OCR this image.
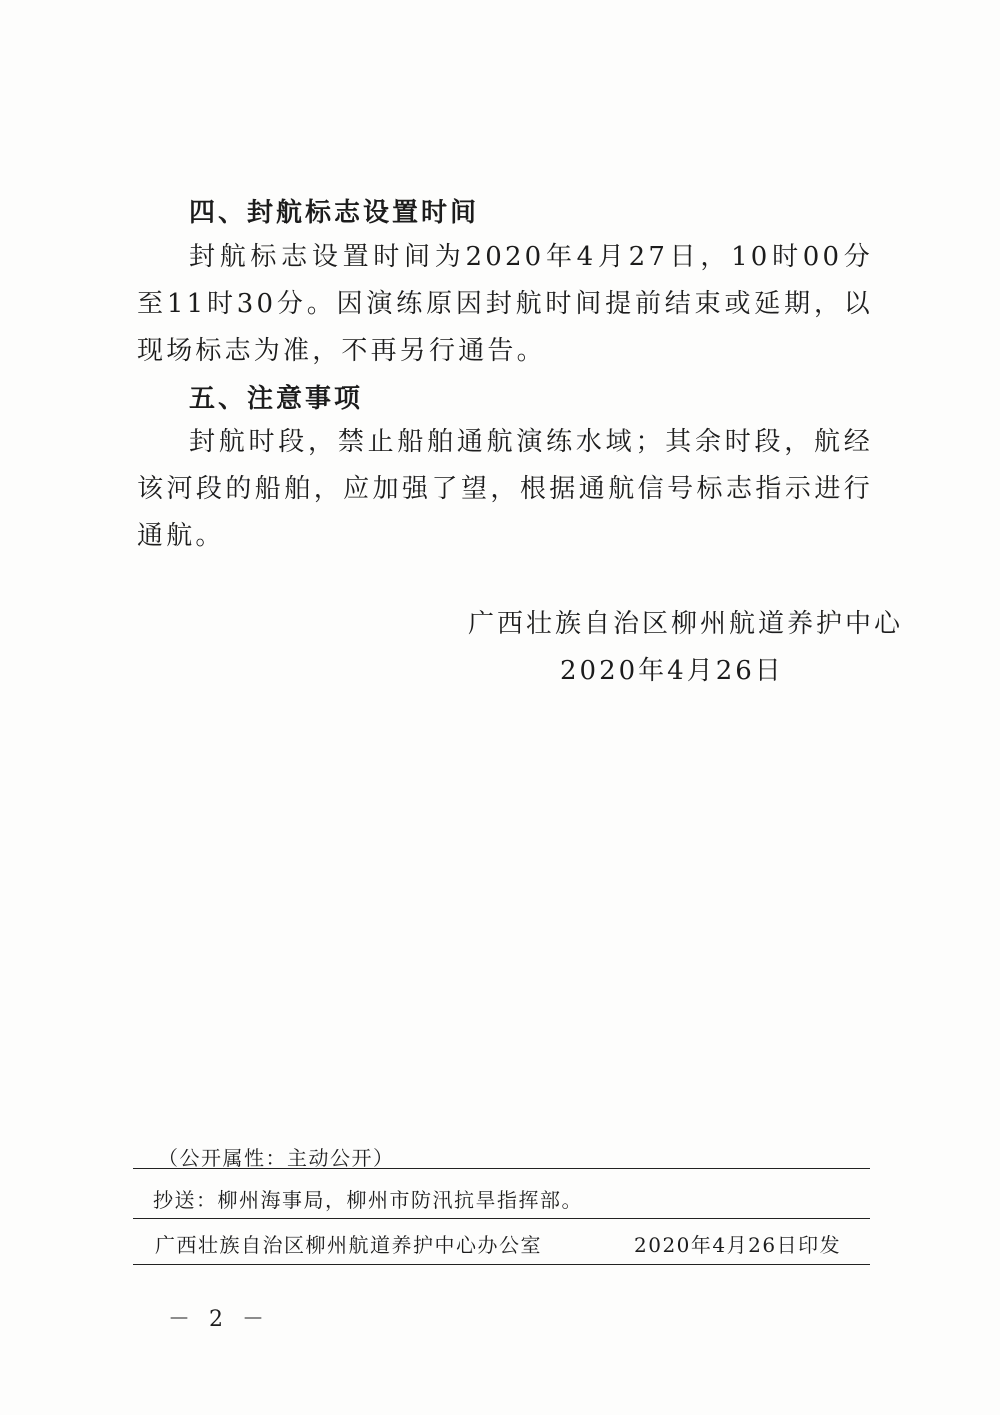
四、封航标志设置时间

封航标志设置时间为2020年4月27日，10时00分至11时30分。因演练原因封航时间提前结束或延期，以现场标志为准，不再另行通告。

五、注意事项

封航时段，禁止船舶通航演练水域；其余时段，航经该河段的船舶，应加强了望，根据通航信号标志指示进行通航。

广西壮族自治区柳州航道养护中心
2020年4月26日
（公开属性：主动公开）
抄送：柳州海事局，柳州市防汛抗旱指挥部。
广西壮族自治区柳州航道养护中心办公室	2020年4月26日印发
－ 2 －
